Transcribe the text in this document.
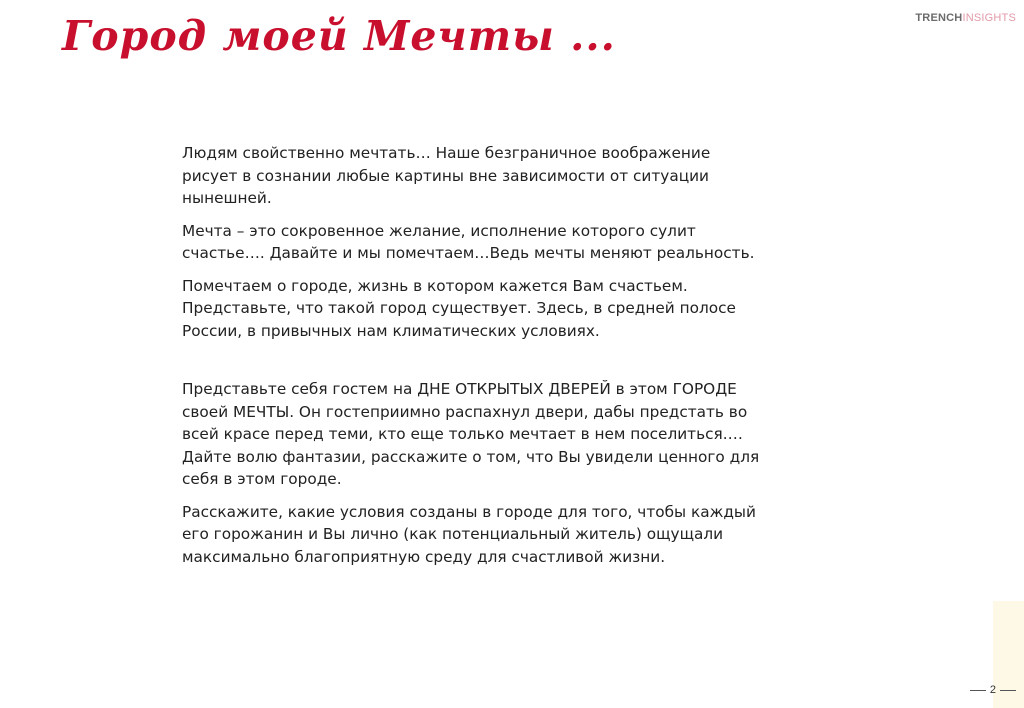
Город моей Мечты ...	TRENCHINSIGHTS

Людям свойственно мечтать… Наше безграничное воображение
рисует в сознании любые картины вне зависимости от ситуации
нынешней.

Мечта – это сокровенное желание, исполнение которого сулит
счастье…. Давайте и мы помечтаем…Ведь мечты меняют реальность.

Помечтаем о городе, жизнь в котором кажется Вам счастьем.
Представьте, что такой город существует. Здесь, в средней полосе
России, в привычных нам климатических условиях.

Представьте себя гостем на ДНЕ ОТКРЫТЫХ ДВЕРЕЙ в этом ГОРОДЕ
своей МЕЧТЫ. Он гостеприимно распахнул двери, дабы предстать во
всей красе перед теми, кто еще только мечтает в нем поселиться.…
Дайте волю фантазии, расскажите о том, что Вы увидели ценного для
себя в этом городе.

Расскажите, какие условия созданы в городе для того, чтобы каждый
его горожанин и Вы лично (как потенциальный житель) ощущали
максимально благоприятную среду для счастливой жизни.

2
